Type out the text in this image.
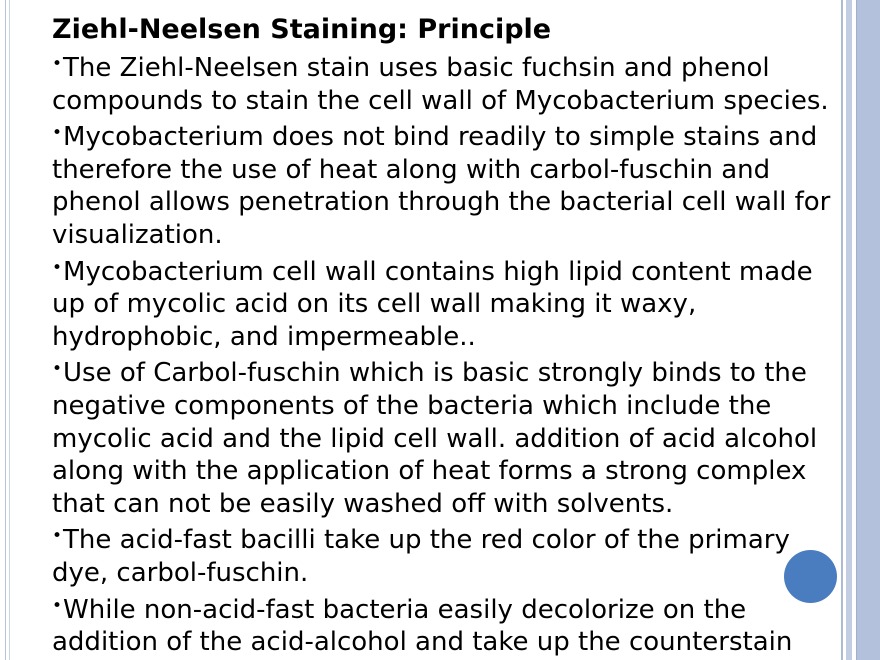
Ziehl-Neelsen Staining: Principle
•The Ziehl-Neelsen stain uses basic fuchsin and phenol compounds to stain the cell wall of Mycobacterium species.
•Mycobacterium does not bind readily to simple stains and therefore the use of heat along with carbol-fuschin and phenol allows penetration through the bacterial cell wall for visualization.
•Mycobacterium cell wall contains high lipid content made up of mycolic acid on its cell wall making it waxy, hydrophobic, and impermeable..
•Use of Carbol-fuschin which is basic strongly binds to the negative components of the bacteria which include the mycolic acid and the lipid cell wall. addition of acid alcohol along with the application of heat forms a strong complex that can not be easily washed off with solvents.
•The acid-fast bacilli take up the red color of the primary dye, carbol-fuschin.
•While non-acid-fast bacteria easily decolorize on the addition of the acid-alcohol and take up the counterstain
